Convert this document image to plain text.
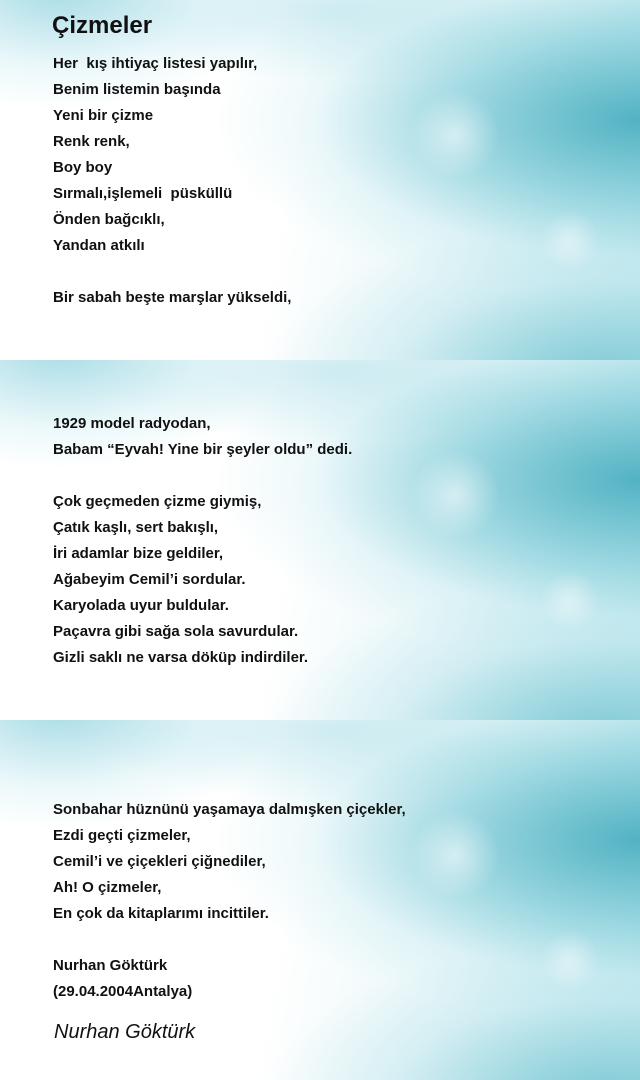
Çizmeler
Her  kış ihtiyaç listesi yapılır,
Benim listemin başında
Yeni bir çizme
Renk renk,
Boy boy
Sırmalı,işlemeli  püsküllü
Önden bağcıklı,
Yandan atkılı
Bir sabah beşte marşlar yükseldi,
1929 model radyodan,
Babam “Eyvah! Yine bir şeyler oldu” dedi.
Çok geçmeden çizme giymiş,
Çatık kaşlı, sert bakışlı,
İri adamlar bize geldiler,
Ağabeyim Cemil’i sordular.
Karyolada uyur buldular.
Paçavra gibi sağa sola savurdular.
Gizli saklı ne varsa döküp indirdiler.
Sonbahar hüznünü yaşamaya dalmışken çiçekler,
Ezdi geçti çizmeler,
Cemil’i ve çiçekleri çiğnediler,
Ah! O çizmeler,
En çok da kitaplarımı incittiler.
Nurhan Göktürk
(29.04.2004Antalya)

Nurhan Göktürk
